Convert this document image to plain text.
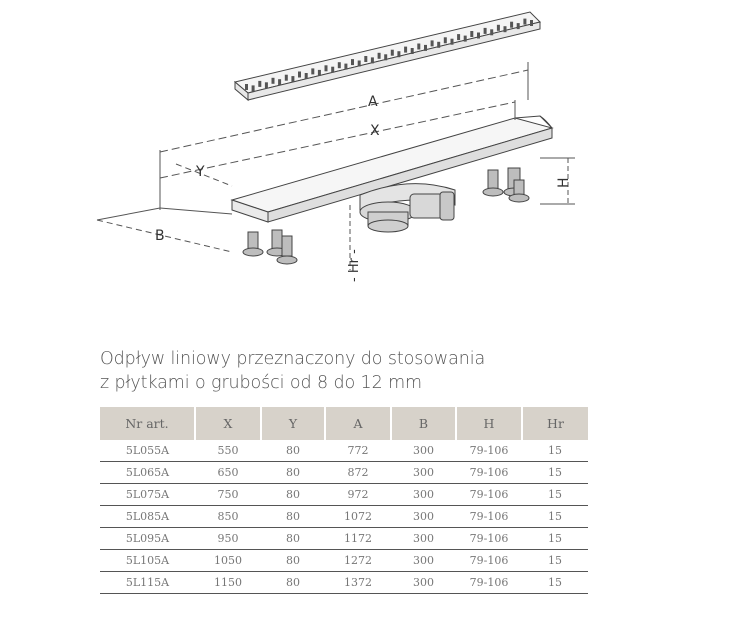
A
X
Y
B
H
- Hr -
Odpływ liniowy przeznaczony do stosowania
z płytkami o grubości od 8 do 12 mm
Nr art.	X	Y	A	B	H	Hr
5L055A	550	80	772	300	79-106	15
5L065A	650	80	872	300	79-106	15
5L075A	750	80	972	300	79-106	15
5L085A	850	80	1072	300	79-106	15
5L095A	950	80	1172	300	79-106	15
5L105A	1050	80	1272	300	79-106	15
5L115A	1150	80	1372	300	79-106	15
